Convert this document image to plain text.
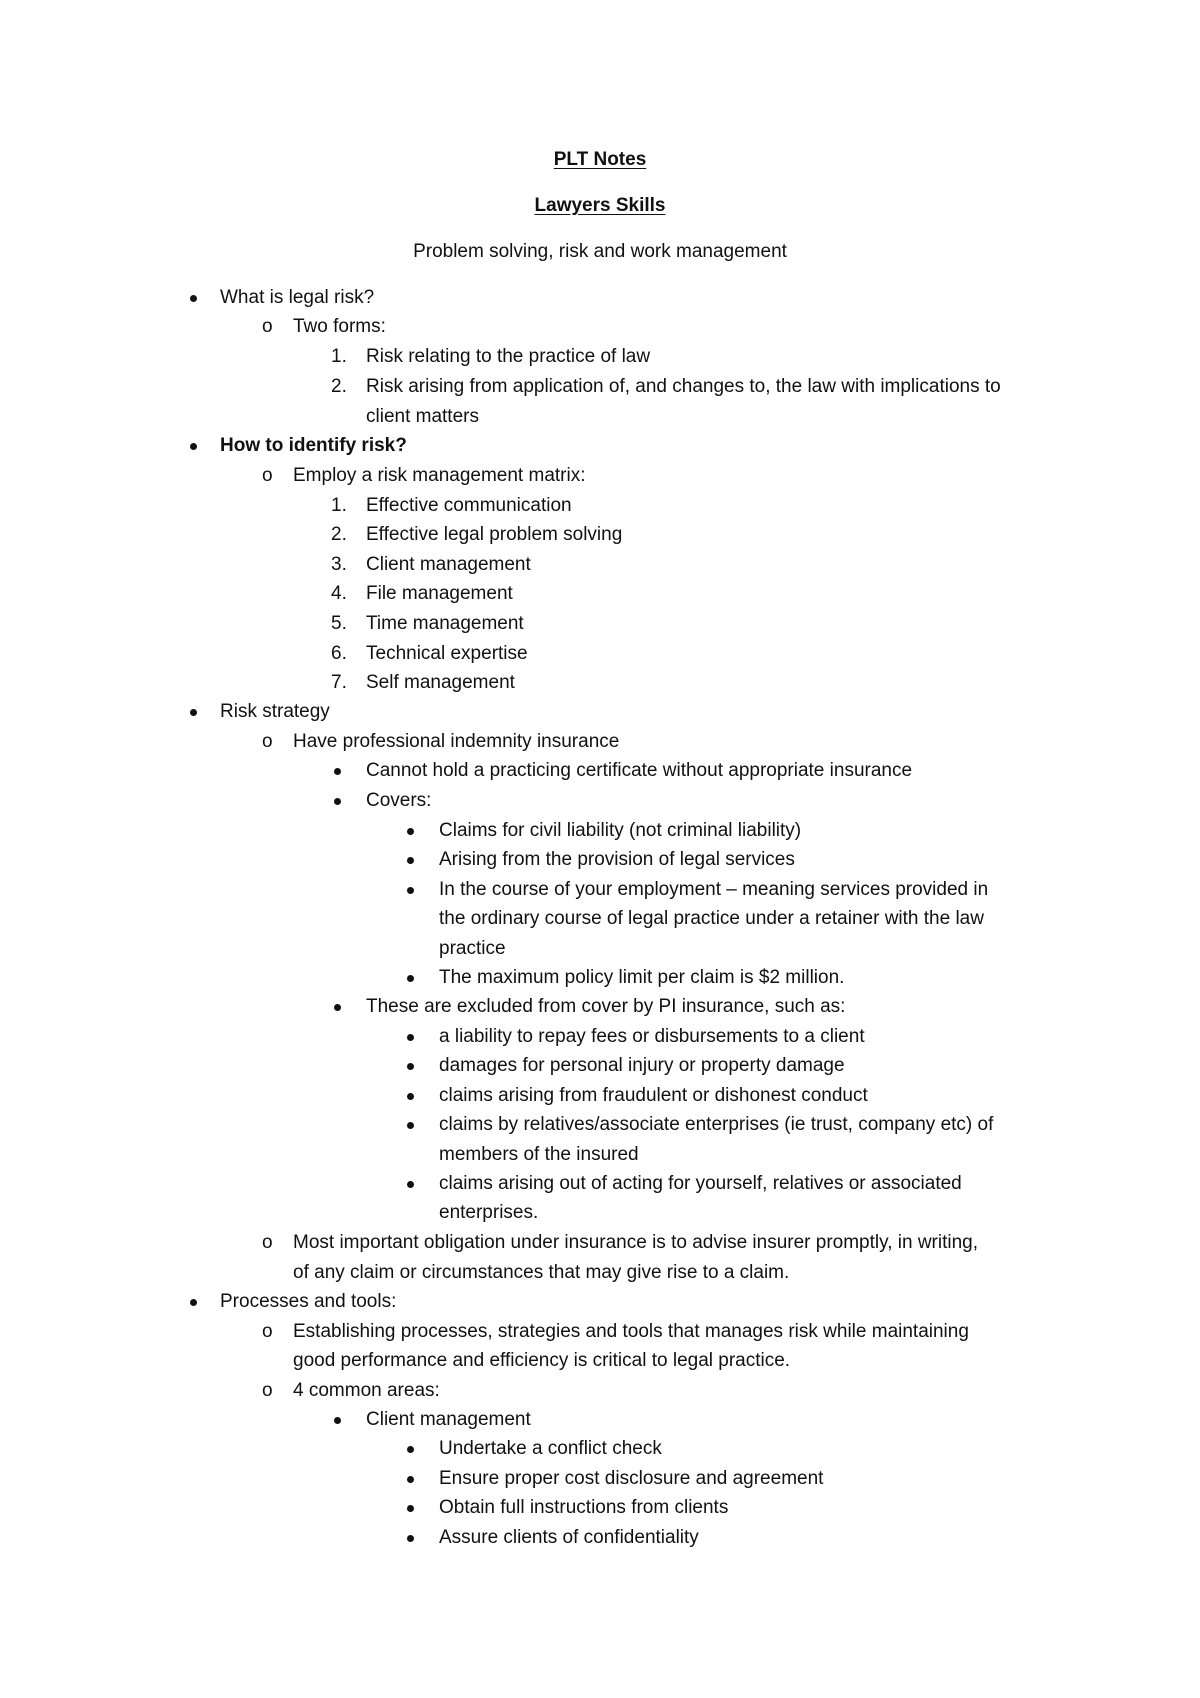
PLT Notes
Lawyers Skills
Problem solving, risk and work management
What is legal risk?
o Two forms:
1. Risk relating to the practice of law
2. Risk arising from application of, and changes to, the law with implications to
client matters
How to identify risk?
o Employ a risk management matrix:
1. Effective communication
2. Effective legal problem solving
3. Client management
4. File management
5. Time management
6. Technical expertise
7. Self management
Risk strategy
o Have professional indemnity insurance
Cannot hold a practicing certificate without appropriate insurance
Covers:
Claims for civil liability (not criminal liability)
Arising from the provision of legal services
In the course of your employment – meaning services provided in
the ordinary course of legal practice under a retainer with the law
practice
The maximum policy limit per claim is $2 million.
These are excluded from cover by PI insurance, such as:
a liability to repay fees or disbursements to a client
damages for personal injury or property damage
claims arising from fraudulent or dishonest conduct
claims by relatives/associate enterprises (ie trust, company etc) of
members of the insured
claims arising out of acting for yourself, relatives or associated
enterprises.
o Most important obligation under insurance is to advise insurer promptly, in writing,
of any claim or circumstances that may give rise to a claim.
Processes and tools:
o Establishing processes, strategies and tools that manages risk while maintaining
good performance and efficiency is critical to legal practice.
o 4 common areas:
Client management
Undertake a conflict check
Ensure proper cost disclosure and agreement
Obtain full instructions from clients
Assure clients of confidentiality
